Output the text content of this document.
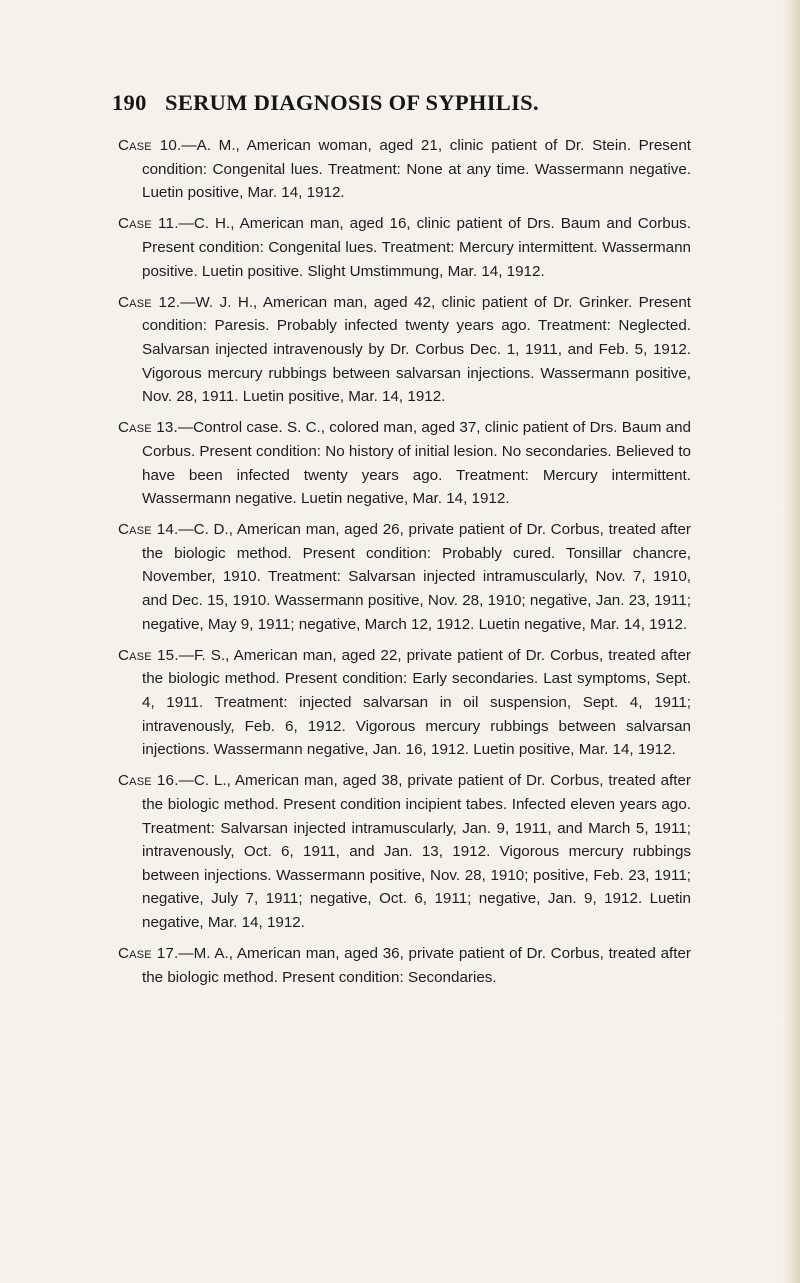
190 SERUM DIAGNOSIS OF SYPHILIS.

Case 10.—A. M., American woman, aged 21, clinic patient of Dr. Stein. Present condition: Congenital lues. Treatment: None at any time. Wassermann negative. Luetin positive, Mar. 14, 1912.

Case 11.—C. H., American man, aged 16, clinic patient of Drs. Baum and Corbus. Present condition: Congenital lues. Treatment: Mercury intermittent. Wassermann positive. Luetin positive. Slight Umstimmung, Mar. 14, 1912.

Case 12.—W. J. H., American man, aged 42, clinic patient of Dr. Grinker. Present condition: Paresis. Probably infected twenty years ago. Treatment: Neglected. Salvarsan injected intravenously by Dr. Corbus Dec. 1, 1911, and Feb. 5, 1912. Vigorous mercury rubbings between salvarsan injections. Wassermann positive, Nov. 28, 1911. Luetin positive, Mar. 14, 1912.

Case 13.—Control case. S. C., colored man, aged 37, clinic patient of Drs. Baum and Corbus. Present condition: No history of initial lesion. No secondaries. Believed to have been infected twenty years ago. Treatment: Mercury intermittent. Wassermann negative. Luetin negative, Mar. 14, 1912.

Case 14.—C. D., American man, aged 26, private patient of Dr. Corbus, treated after the biologic method. Present condition: Probably cured. Tonsillar chancre, November, 1910. Treatment: Salvarsan injected intramuscularly, Nov. 7, 1910, and Dec. 15, 1910. Wassermann positive, Nov. 28, 1910; negative, Jan. 23, 1911; negative, May 9, 1911; negative, March 12, 1912. Luetin negative, Mar. 14, 1912.

Case 15.—F. S., American man, aged 22, private patient of Dr. Corbus, treated after the biologic method. Present condition: Early secondaries. Last symptoms, Sept. 4, 1911. Treatment: injected salvarsan in oil suspension, Sept. 4, 1911; intravenously, Feb. 6, 1912. Vigorous mercury rubbings between salvarsan injections. Wassermann negative, Jan. 16, 1912. Luetin positive, Mar. 14, 1912.

Case 16.—C. L., American man, aged 38, private patient of Dr. Corbus, treated after the biologic method. Present condition incipient tabes. Infected eleven years ago. Treatment: Salvarsan injected intramuscularly, Jan. 9, 1911, and March 5, 1911; intravenously, Oct. 6, 1911, and Jan. 13, 1912. Vigorous mercury rubbings between injections. Wassermann positive, Nov. 28, 1910; positive, Feb. 23, 1911; negative, July 7, 1911; negative, Oct. 6, 1911; negative, Jan. 9, 1912. Luetin negative, Mar. 14, 1912.

Case 17.—M. A., American man, aged 36, private patient of Dr. Corbus, treated after the biologic method. Present condition: Secondaries.
